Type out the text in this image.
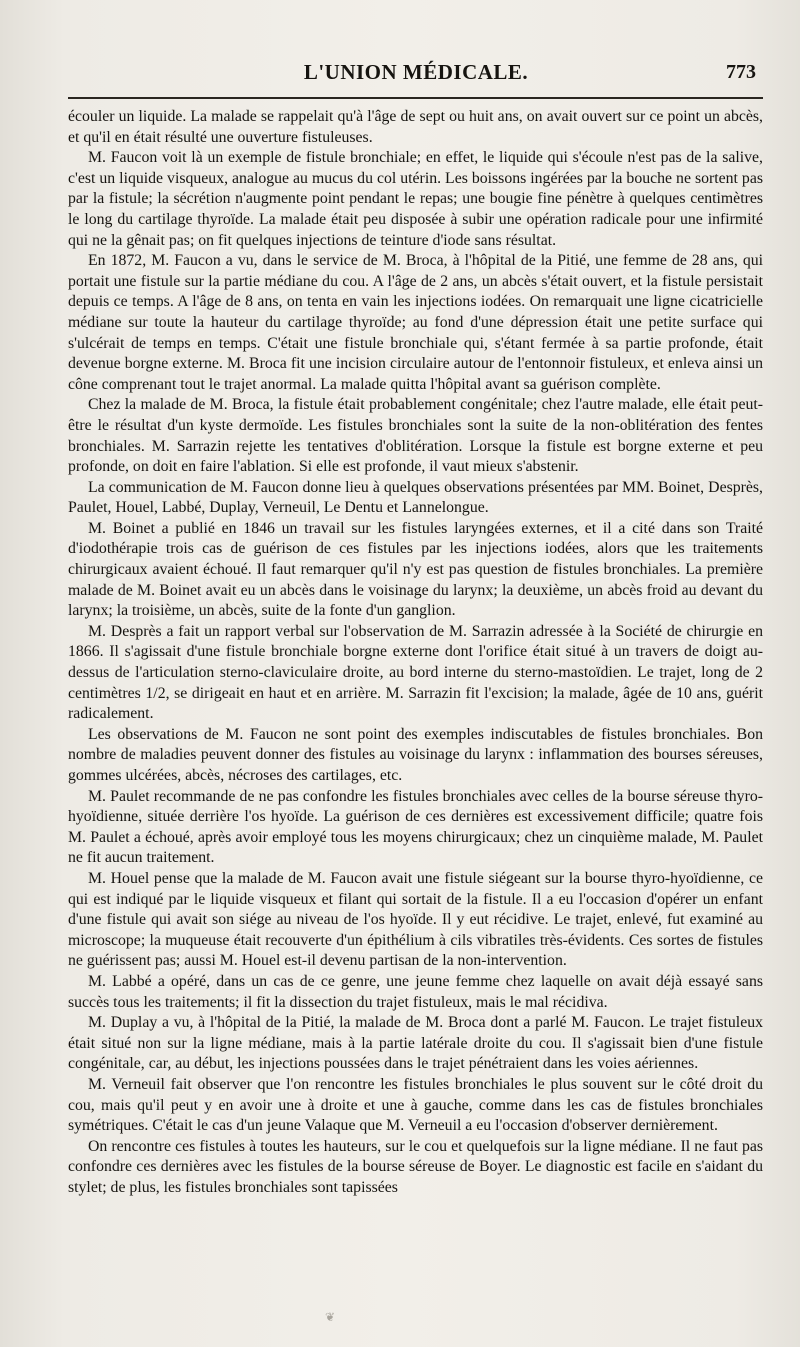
L'UNION MÉDICALE.	773

écouler un liquide. La malade se rappelait qu'à l'âge de sept ou huit ans, on avait ouvert sur ce point un abcès, et qu'il en était résulté une ouverture fistuleuses.

M. Faucon voit là un exemple de fistule bronchiale; en effet, le liquide qui s'écoule n'est pas de la salive, c'est un liquide visqueux, analogue au mucus du col utérin. Les boissons ingérées par la bouche ne sortent pas par la fistule; la sécrétion n'augmente point pendant le repas; une bougie fine pénètre à quelques centimètres le long du cartilage thyroïde. La malade était peu disposée à subir une opération radicale pour une infirmité qui ne la gênait pas; on fit quelques injections de teinture d'iode sans résultat.

En 1872, M. Faucon a vu, dans le service de M. Broca, à l'hôpital de la Pitié, une femme de 28 ans, qui portait une fistule sur la partie médiane du cou. A l'âge de 2 ans, un abcès s'était ouvert, et la fistule persistait depuis ce temps. A l'âge de 8 ans, on tenta en vain les injections iodées. On remarquait une ligne cicatricielle médiane sur toute la hauteur du cartilage thyroïde; au fond d'une dépression était une petite surface qui s'ulcérait de temps en temps. C'était une fistule bronchiale qui, s'étant fermée à sa partie profonde, était devenue borgne externe. M. Broca fit une incision circulaire autour de l'entonnoir fistuleux, et enleva ainsi un cône comprenant tout le trajet anormal. La malade quitta l'hôpital avant sa guérison complète.

Chez la malade de M. Broca, la fistule était probablement congénitale; chez l'autre malade, elle était peut-être le résultat d'un kyste dermoïde. Les fistules bronchiales sont la suite de la non-oblitération des fentes bronchiales. M. Sarrazin rejette les tentatives d'oblitération. Lorsque la fistule est borgne externe et peu profonde, on doit en faire l'ablation. Si elle est profonde, il vaut mieux s'abstenir.

La communication de M. Faucon donne lieu à quelques observations présentées par MM. Boinet, Desprès, Paulet, Houel, Labbé, Duplay, Verneuil, Le Dentu et Lannelongue.

M. Boinet a publié en 1846 un travail sur les fistules laryngées externes, et il a cité dans son Traité d'iodothérapie trois cas de guérison de ces fistules par les injections iodées, alors que les traitements chirurgicaux avaient échoué. Il faut remarquer qu'il n'y est pas question de fistules bronchiales. La première malade de M. Boinet avait eu un abcès dans le voisinage du larynx; la deuxième, un abcès froid au devant du larynx; la troisième, un abcès, suite de la fonte d'un ganglion.

M. Desprès a fait un rapport verbal sur l'observation de M. Sarrazin adressée à la Société de chirurgie en 1866. Il s'agissait d'une fistule bronchiale borgne externe dont l'orifice était situé à un travers de doigt au-dessus de l'articulation sterno-claviculaire droite, au bord interne du sterno-mastoïdien. Le trajet, long de 2 centimètres 1/2, se dirigeait en haut et en arrière. M. Sarrazin fit l'excision; la malade, âgée de 10 ans, guérit radicalement.

Les observations de M. Faucon ne sont point des exemples indiscutables de fistules bronchiales. Bon nombre de maladies peuvent donner des fistules au voisinage du larynx : inflammation des bourses séreuses, gommes ulcérées, abcès, nécroses des cartilages, etc.

M. Paulet recommande de ne pas confondre les fistules bronchiales avec celles de la bourse séreuse thyro-hyoïdienne, située derrière l'os hyoïde. La guérison de ces dernières est excessivement difficile; quatre fois M. Paulet a échoué, après avoir employé tous les moyens chirurgicaux; chez un cinquième malade, M. Paulet ne fit aucun traitement.

M. Houel pense que la malade de M. Faucon avait une fistule siégeant sur la bourse thyro-hyoïdienne, ce qui est indiqué par le liquide visqueux et filant qui sortait de la fistule. Il a eu l'occasion d'opérer un enfant d'une fistule qui avait son siége au niveau de l'os hyoïde. Il y eut récidive. Le trajet, enlevé, fut examiné au microscope; la muqueuse était recouverte d'un épithélium à cils vibratiles très-évidents. Ces sortes de fistules ne guérissent pas; aussi M. Houel est-il devenu partisan de la non-intervention.

M. Labbé a opéré, dans un cas de ce genre, une jeune femme chez laquelle on avait déjà essayé sans succès tous les traitements; il fit la dissection du trajet fistuleux, mais le mal récidiva.

M. Duplay a vu, à l'hôpital de la Pitié, la malade de M. Broca dont a parlé M. Faucon. Le trajet fistuleux était situé non sur la ligne médiane, mais à la partie latérale droite du cou. Il s'agissait bien d'une fistule congénitale, car, au début, les injections poussées dans le trajet pénétraient dans les voies aériennes.

M. Verneuil fait observer que l'on rencontre les fistules bronchiales le plus souvent sur le côté droit du cou, mais qu'il peut y en avoir une à droite et une à gauche, comme dans les cas de fistules bronchiales symétriques. C'était le cas d'un jeune Valaque que M. Verneuil a eu l'occasion d'observer dernièrement.

On rencontre ces fistules à toutes les hauteurs, sur le cou et quelquefois sur la ligne médiane. Il ne faut pas confondre ces dernières avec les fistules de la bourse séreuse de Boyer. Le diagnostic est facile en s'aidant du stylet; de plus, les fistules bronchiales sont tapissées

❦
